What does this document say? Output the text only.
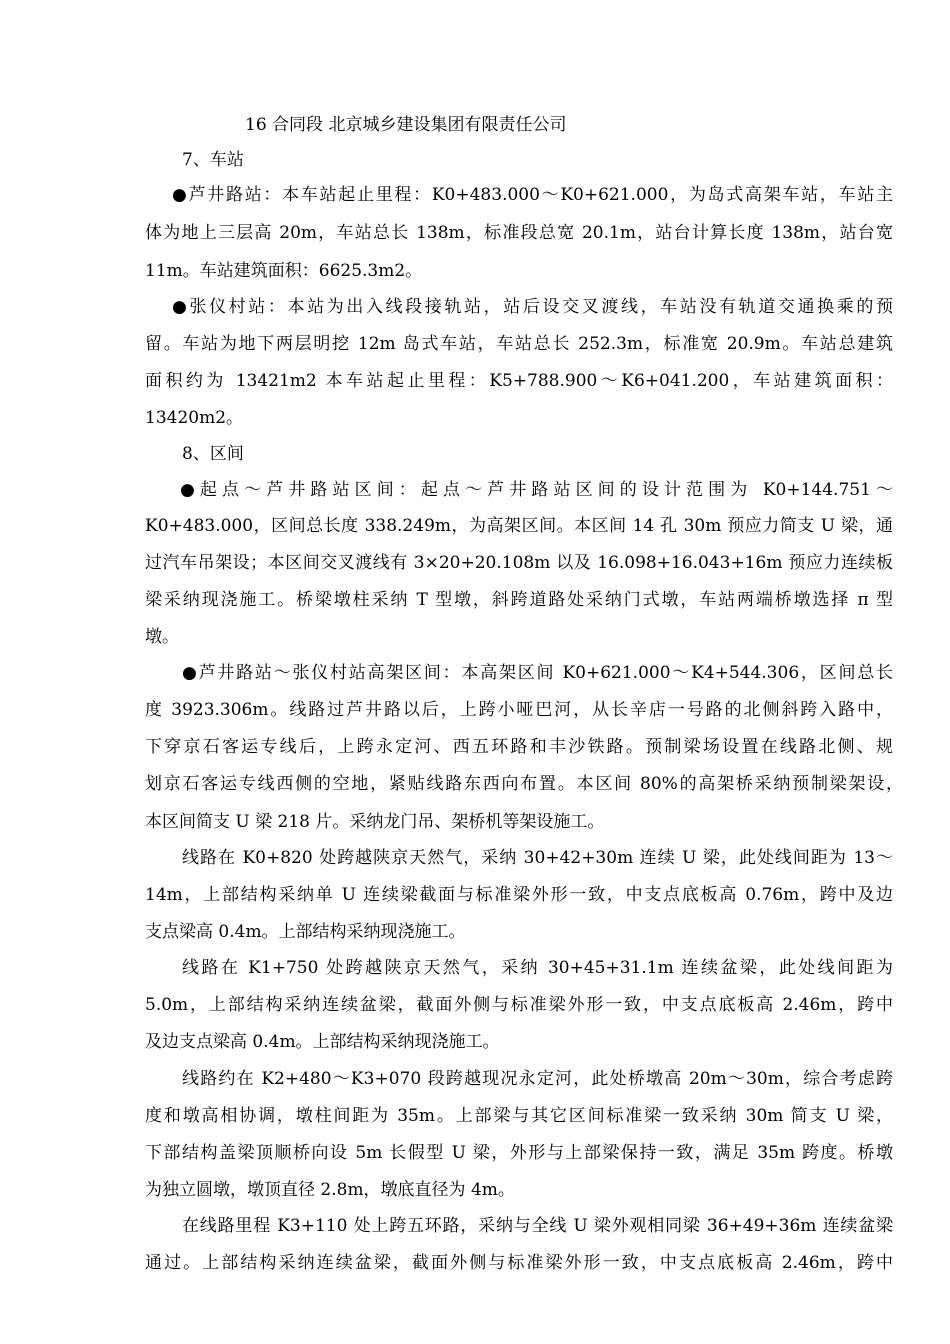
16 合同段 北京城乡建设集团有限责任公司
7、车站
●芦井路站：本车站起止里程：K0+483.000～K0+621.000，为岛式高架车站，车站主
体为地上三层高 20m，车站总长 138m，标准段总宽 20.1m，站台计算长度 138m，站台宽
11m。车站建筑面积：6625.3m2。
●张仪村站：本站为出入线段接轨站，站后设交叉渡线，车站没有轨道交通换乘的预
留。车站为地下两层明挖 12m 岛式车站，车站总长 252.3m，标准宽 20.9m。车站总建筑
面积约为 13421m2 本车站起止里程：K5+788.900～K6+041.200，车站建筑面积：
13420m2。
8、区间
●起点～芦井路站区间：起点～芦井路站区间的设计范围为 K0+144.751～
K0+483.000，区间总长度 338.249m，为高架区间。本区间 14 孔 30m 预应力简支 U 梁，通
过汽车吊架设；本区间交叉渡线有 3×20+20.108m 以及 16.098+16.043+16m 预应力连续板
梁采纳现浇施工。桥梁墩柱采纳 T 型墩，斜跨道路处采纳门式墩，车站两端桥墩选择 π 型
墩。
●芦井路站～张仪村站高架区间：本高架区间 K0+621.000～K4+544.306，区间总长
度 3923.306m。线路过芦井路以后，上跨小哑巴河，从长辛店一号路的北侧斜跨入路中，
下穿京石客运专线后，上跨永定河、西五环路和丰沙铁路。预制梁场设置在线路北侧、规
划京石客运专线西侧的空地，紧贴线路东西向布置。本区间 80%的高架桥采纳预制梁架设，
本区间简支 U 梁 218 片。采纳龙门吊、架桥机等架设施工。
线路在 K0+820 处跨越陕京天然气，采纳 30+42+30m 连续 U 梁，此处线间距为 13～
14m，上部结构采纳单 U 连续梁截面与标准梁外形一致，中支点底板高 0.76m，跨中及边
支点梁高 0.4m。上部结构采纳现浇施工。
线路在 K1+750 处跨越陕京天然气，采纳 30+45+31.1m 连续盆梁，此处线间距为
5.0m，上部结构采纳连续盆梁，截面外侧与标准梁外形一致，中支点底板高 2.46m，跨中
及边支点梁高 0.4m。上部结构采纳现浇施工。
线路约在 K2+480～K3+070 段跨越现况永定河，此处桥墩高 20m～30m，综合考虑跨
度和墩高相协调，墩柱间距为 35m。上部梁与其它区间标准梁一致采纳 30m 简支 U 梁，
下部结构盖梁顶顺桥向设 5m 长假型 U 梁，外形与上部梁保持一致，满足 35m 跨度。桥墩
为独立圆墩，墩顶直径 2.8m，墩底直径为 4m。
在线路里程 K3+110 处上跨五环路，采纳与全线 U 梁外观相同梁 36+49+36m 连续盆梁
通过。上部结构采纳连续盆梁，截面外侧与标准梁外形一致，中支点底板高 2.46m，跨中
